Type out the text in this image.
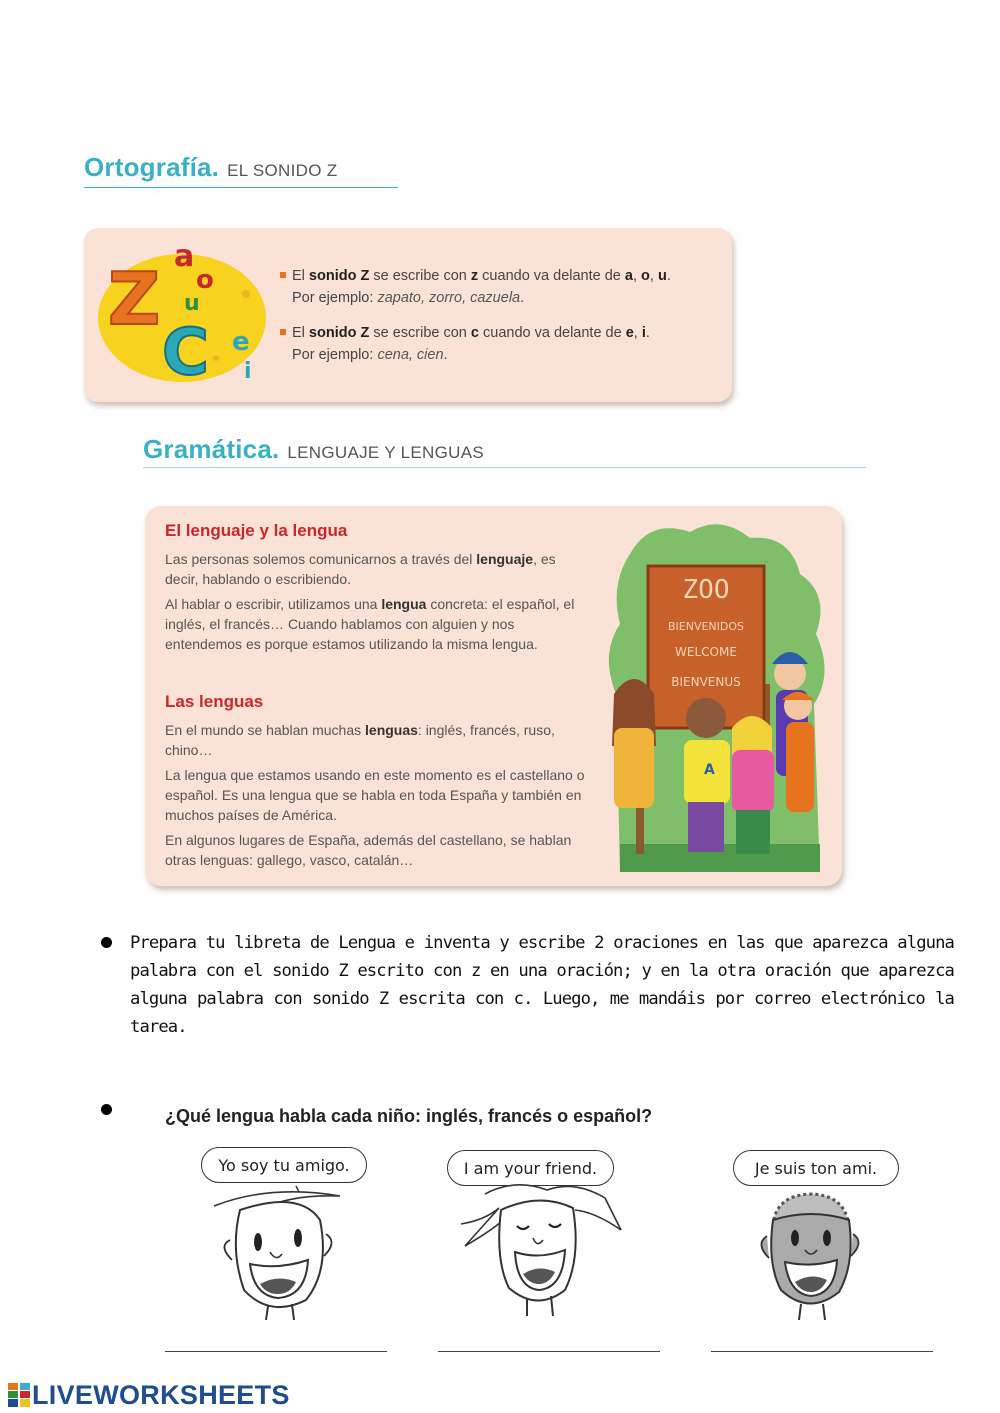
Ortografía. EL SONIDO Z
Z
a
o
u
C e
i
El sonido Z se escribe con z cuando va delante de a, o, u.
Por ejemplo: zapato, zorro, cazuela.
El sonido Z se escribe con c cuando va delante de e, i.
Por ejemplo: cena, cien.
Gramática. LENGUAJE Y LENGUAS
El lenguaje y la lengua
Las personas solemos comunicarnos a través del lenguaje, es decir, hablando o escribiendo.
Al hablar o escribir, utilizamos una lengua concreta: el español, el inglés, el francés… Cuando hablamos con alguien y nos entendemos es porque estamos utilizando la misma lengua.
Las lenguas
En el mundo se hablan muchas lenguas: inglés, francés, ruso, chino…
La lengua que estamos usando en este momento es el castellano o español. Es una lengua que se habla en toda España y también en muchos países de América.
En algunos lugares de España, además del castellano, se hablan otras lenguas: gallego, vasco, catalán…
ZOO
BIENVENIDOS
WELCOME
BIENVENUS
A
Prepara tu libreta de Lengua e inventa y escribe 2 oraciones en las que aparezca alguna palabra con el sonido Z escrito con z en una oración; y en la otra oración que aparezca alguna palabra con sonido Z escrita con c. Luego, me mandáis por correo electrónico la tarea.
¿Qué lengua habla cada niño: inglés, francés o español?
Yo soy tu amigo.	I am your friend.	Je suis ton ami.
LIVEWORKSHEETS
